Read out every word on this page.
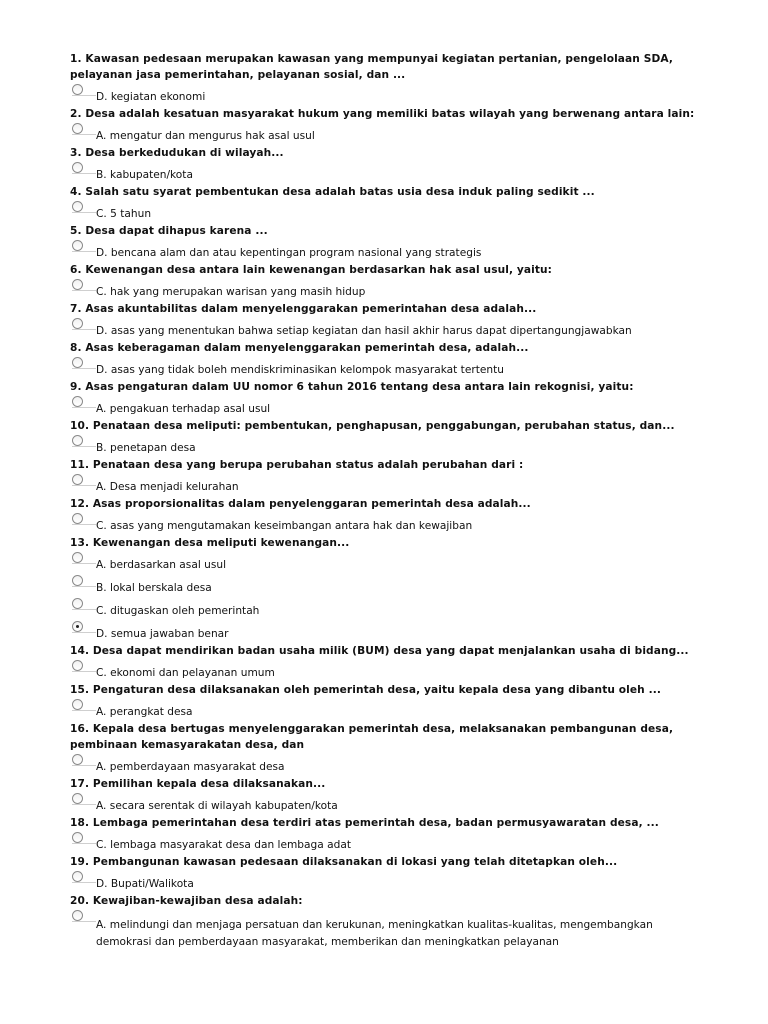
1. Kawasan pedesaan merupakan kawasan yang mempunyai kegiatan pertanian, pengelolaan SDA, pelayanan jasa pemerintahan, pelayanan sosial, dan ...

D. kegiatan ekonomi

2. Desa adalah kesatuan masyarakat hukum yang memiliki batas wilayah yang berwenang antara lain:

A. mengatur dan mengurus hak asal usul

3. Desa berkedudukan di wilayah...

B. kabupaten/kota

4. Salah satu syarat pembentukan desa adalah batas usia desa induk paling sedikit ...

C. 5 tahun

5. Desa dapat dihapus karena ...

D. bencana alam dan atau kepentingan program nasional yang strategis

6. Kewenangan desa antara lain kewenangan berdasarkan hak asal usul, yaitu:

C. hak yang merupakan warisan yang masih hidup

7. Asas akuntabilitas dalam menyelenggarakan pemerintahan desa adalah...

D. asas yang menentukan bahwa setiap kegiatan dan hasil akhir harus dapat dipertangungjawabkan

8. Asas keberagaman dalam menyelenggarakan pemerintah desa, adalah...

D. asas yang tidak boleh mendiskriminasikan kelompok masyarakat tertentu

9. Asas pengaturan dalam UU nomor 6 tahun 2016 tentang desa antara lain rekognisi, yaitu:

A. pengakuan terhadap asal usul

10. Penataan desa meliputi: pembentukan, penghapusan, penggabungan, perubahan status, dan...

B. penetapan desa

11. Penataan desa yang berupa perubahan status adalah perubahan dari :

A. Desa menjadi kelurahan

12. Asas proporsionalitas dalam penyelenggaran pemerintah desa adalah...

C. asas yang mengutamakan keseimbangan antara hak dan kewajiban

13. Kewenangan desa meliputi kewenangan...

A. berdasarkan asal usul
B. lokal berskala desa
C. ditugaskan oleh pemerintah
D. semua jawaban benar

14. Desa dapat mendirikan badan usaha milik (BUM) desa yang dapat menjalankan usaha di bidang...

C. ekonomi dan pelayanan umum

15. Pengaturan desa dilaksanakan oleh pemerintah desa, yaitu kepala desa yang dibantu oleh ...

A. perangkat desa

16. Kepala desa bertugas menyelenggarakan pemerintah desa, melaksanakan pembangunan desa, pembinaan kemasyarakatan desa, dan

A. pemberdayaan masyarakat desa

17. Pemilihan kepala desa dilaksanakan...

A. secara serentak di wilayah kabupaten/kota

18. Lembaga pemerintahan desa terdiri atas pemerintah desa, badan permusyawaratan desa, ...

C. lembaga masyarakat desa dan lembaga adat

19. Pembangunan kawasan pedesaan dilaksanakan di lokasi yang telah ditetapkan oleh...

D. Bupati/Walikota

20. Kewajiban-kewajiban desa adalah:

A. melindungi dan menjaga persatuan dan kerukunan, meningkatkan kualitas-kualitas, mengembangkan demokrasi dan pemberdayaan masyarakat, memberikan dan meningkatkan pelayanan
